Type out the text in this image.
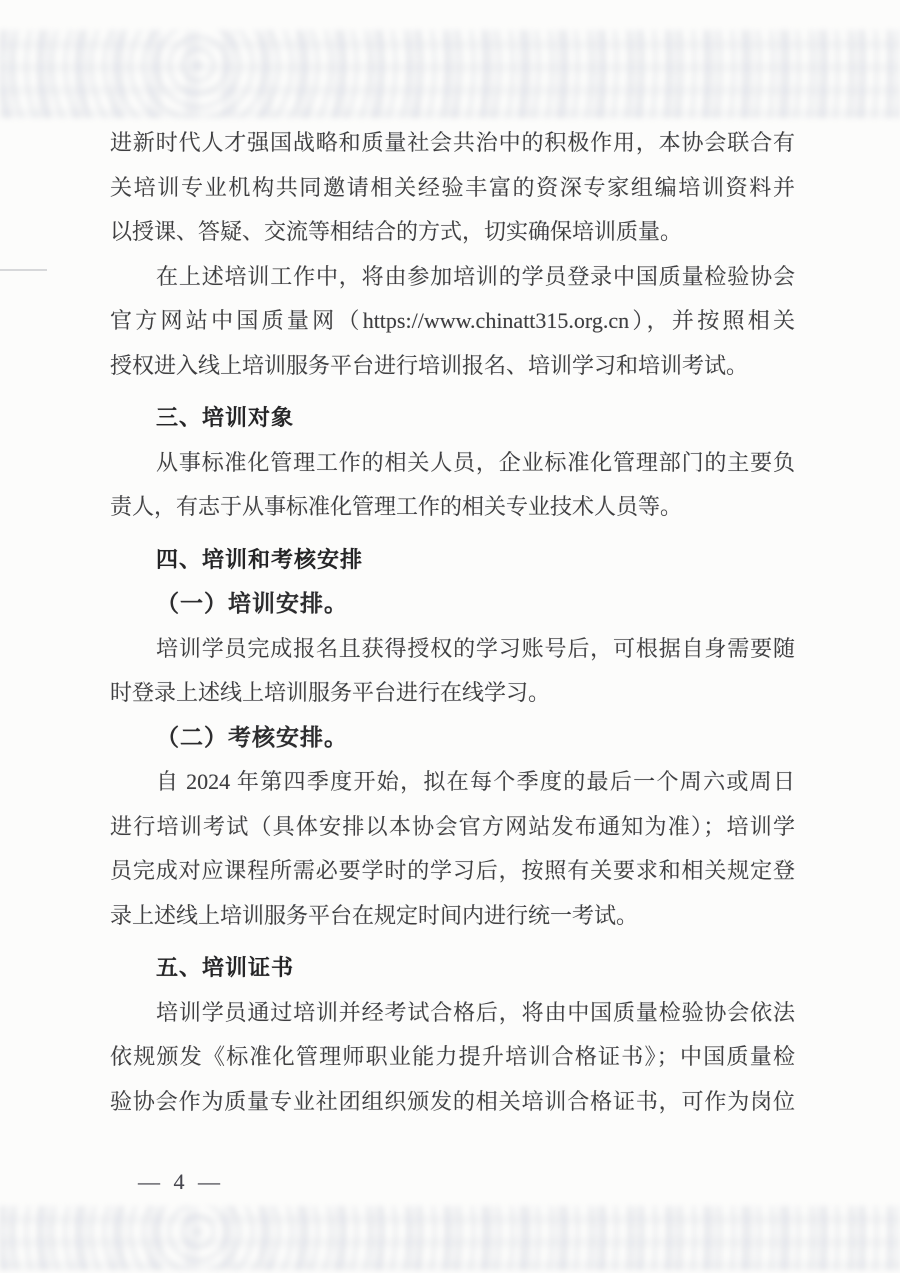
进新时代人才强国战略和质量社会共治中的积极作用，本协会联合有
关培训专业机构共同邀请相关经验丰富的资深专家组编培训资料并
以授课、答疑、交流等相结合的方式，切实确保培训质量。
在上述培训工作中，将由参加培训的学员登录中国质量检验协会
官方网站中国质量网（https://www.chinatt315.org.cn），并按照相关
授权进入线上培训服务平台进行培训报名、培训学习和培训考试。
三、培训对象
从事标准化管理工作的相关人员，企业标准化管理部门的主要负
责人，有志于从事标准化管理工作的相关专业技术人员等。
四、培训和考核安排
（一）培训安排。
培训学员完成报名且获得授权的学习账号后，可根据自身需要随
时登录上述线上培训服务平台进行在线学习。
（二）考核安排。
自 2024 年第四季度开始，拟在每个季度的最后一个周六或周日
进行培训考试（具体安排以本协会官方网站发布通知为准）；培训学
员完成对应课程所需必要学时的学习后，按照有关要求和相关规定登
录上述线上培训服务平台在规定时间内进行统一考试。
五、培训证书
培训学员通过培训并经考试合格后，将由中国质量检验协会依法
依规颁发《标准化管理师职业能力提升培训合格证书》；中国质量检
验协会作为质量专业社团组织颁发的相关培训合格证书，可作为岗位
— 4 —
